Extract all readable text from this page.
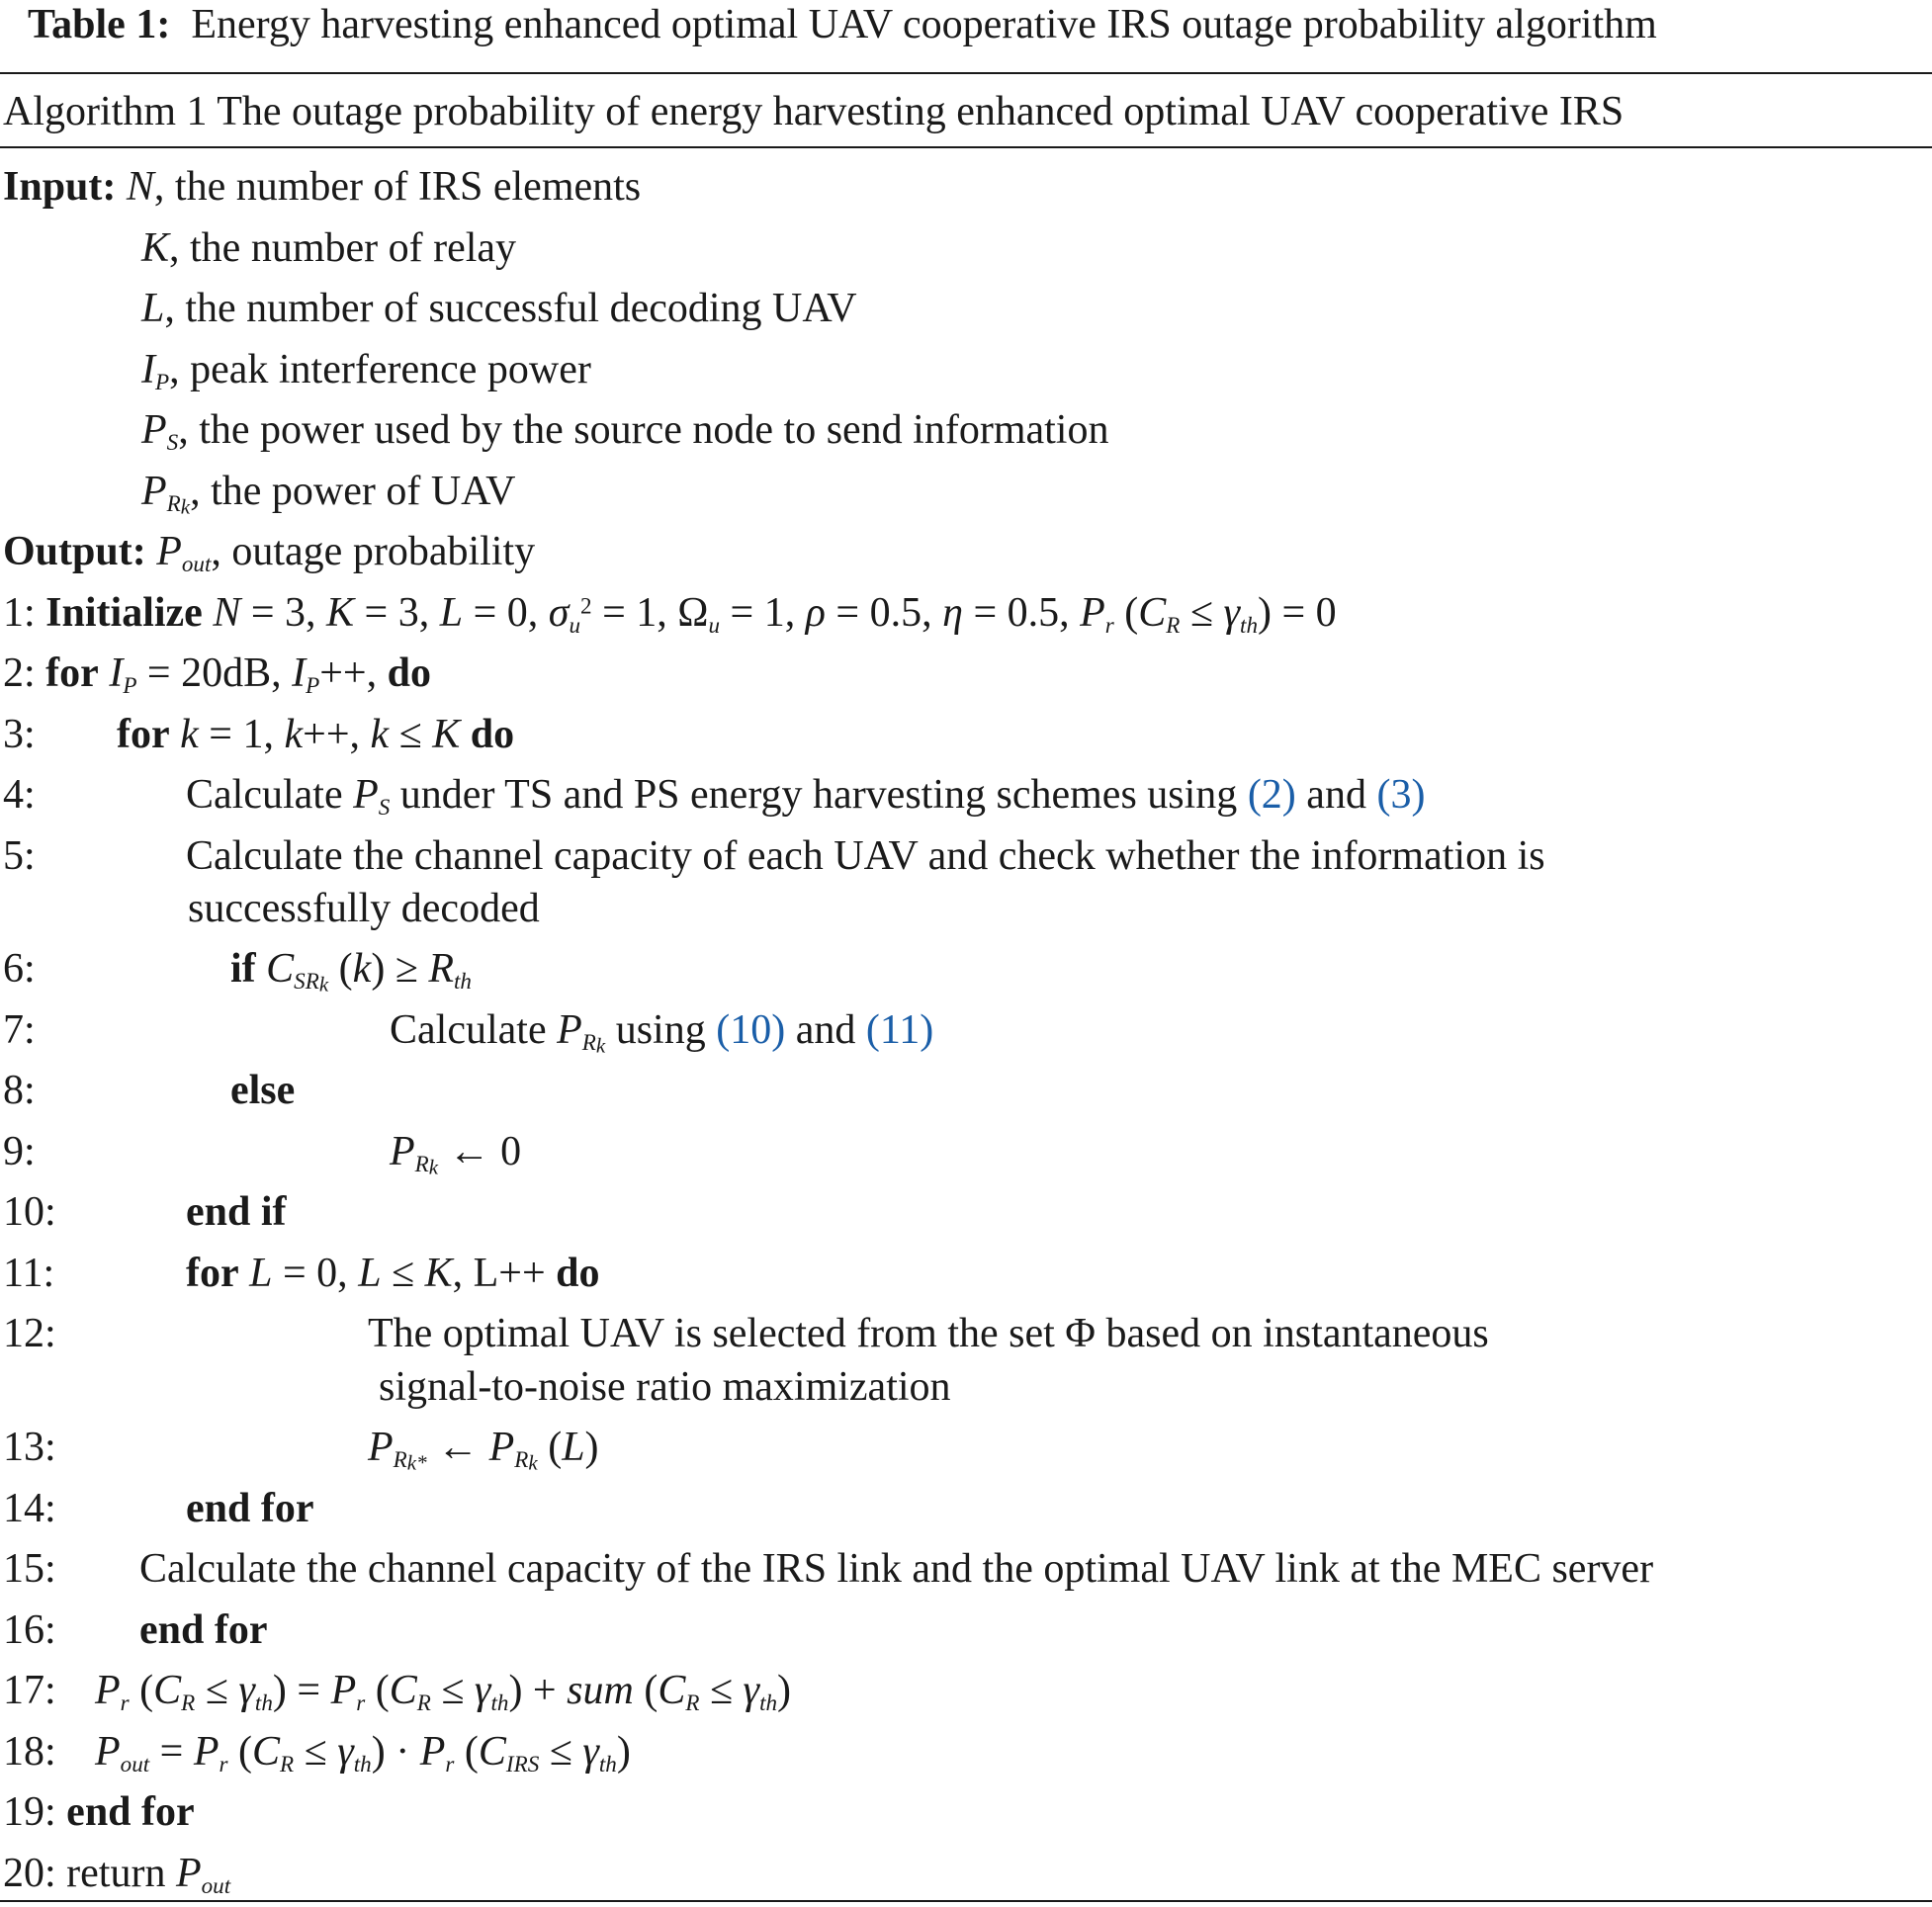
Table 1: Energy harvesting enhanced optimal UAV cooperative IRS outage probability algorithm
Algorithm 1 The outage probability of energy harvesting enhanced optimal UAV cooperative IRS
Input: N, the number of IRS elements
K, the number of relay
L, the number of successful decoding UAV
$I_P$, peak interference power
$P_S$, the power used by the source node to send information
$P_{Rk}$, the power of UAV
Output: $P_{out}$, outage probability
1: Initialize N = 3, K = 3, L = 0, $\sigma_u^2 = 1$, $\Omega_u = 1$, ρ = 0.5, η = 0.5, $P_r$ $(C_R \le \gamma_{th}) = 0$
2: for $I_P = 20dB$, $I_P++$, do
3: for k = 1, k++, k ≤ K do
4:	Calculate $P_S$ under TS and PS energy harvesting schemes using (2) and (3)
5:	Calculate the channel capacity of each UAV and check whether the information is
successfully decoded
6:	if $C_{SRk}$ $(k) \ge R_{th}$
7:	Calculate $P_{Rk}$ using (10) and (11)
8:	else
9:	$P_{Rk}$ ← 0
10:	end if
11:	for L = 0, L ≤ K, L++ do
12:	The optimal UAV is selected from the set Φ based on instantaneous
signal-to-noise ratio maximization
13:	$P_{Rk*}$ ← $P_{Rk}$ (L)
14:	end for
15: Calculate the channel capacity of the IRS link and the optimal UAV link at the MEC server
16: end for
17: $P_r$ $(C_R \le \gamma_{th}) = P_r$ $(C_R \le \gamma_{th})$ + sum $(C_R \le \gamma_{th})$
18: $P_{out} = P_r$ $(C_R \le \gamma_{th}) \cdot P_r$ $(C_{IRS} \le \gamma_{th})$
19: end for
20: return $P_{out}$
